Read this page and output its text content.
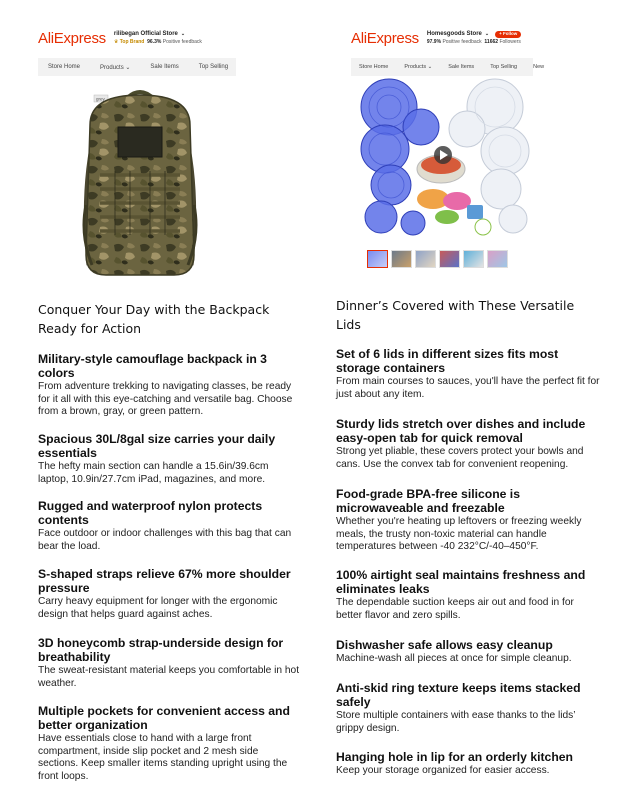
AliExpress rilibegan Official Store ⌄
♛ Top Brand 96.3% Positive feedback
Store Home	Products ⌄	Sale Items	Top Selling
grey
AliExpress Homesgoods Store ⌄	+ Follow
97.9% Positive feedback 11662 Followers
Store Home	Products ⌄	Sale Items	Top Selling	New
Conquer Your Day with the Backpack Ready for Action
Military-style camouflage backpack in 3 colors

From adventure trekking to navigating classes, be ready for it all with this eye-catching and versatile bag. Choose from a brown, gray, or green pattern.

Spacious 30L/8gal size carries your daily essentials

The hefty main section can handle a 15.6in/39.6cm laptop, 10.9in/27.7cm iPad, magazines, and more.

Rugged and waterproof nylon protects contents

Face outdoor or indoor challenges with this bag that can bear the load.

S-shaped straps relieve 67% more shoulder pressure

Carry heavy equipment for longer with the ergonomic design that helps guard against aches.

3D honeycomb strap-underside design for breathability

The sweat-resistant material keeps you comfortable in hot weather.

Multiple pockets for convenient access and better organization

Have essentials close to hand with a large front compartment, inside slip pocket and 2 mesh side sections. Keep smaller items standing upright using the front loops.

Dinner’s Covered with These Versatile Lids
Set of 6 lids in different sizes fits most storage containers

From main courses to sauces, you'll have the perfect fit for just about any item.

Sturdy lids stretch over dishes and include easy-open tab for quick removal

Strong yet pliable, these covers protect your bowls and cans. Use the convex tab for convenient reopening.

Food-grade BPA-free silicone is microwaveable and freezable

Whether you're heating up leftovers or freezing weekly meals, the trusty non-toxic material can handle temperatures between -40 232°C/-40–450°F.

100% airtight seal maintains freshness and eliminates leaks

The dependable suction keeps air out and food in for better flavor and zero spills.

Dishwasher safe allows easy cleanup

Machine-wash all pieces at once for simple cleanup.

Anti-skid ring texture keeps items stacked safely

Store multiple containers with ease thanks to the lids’ grippy design.

Hanging hole in lip for an orderly kitchen

Keep your storage organized for easier access.
